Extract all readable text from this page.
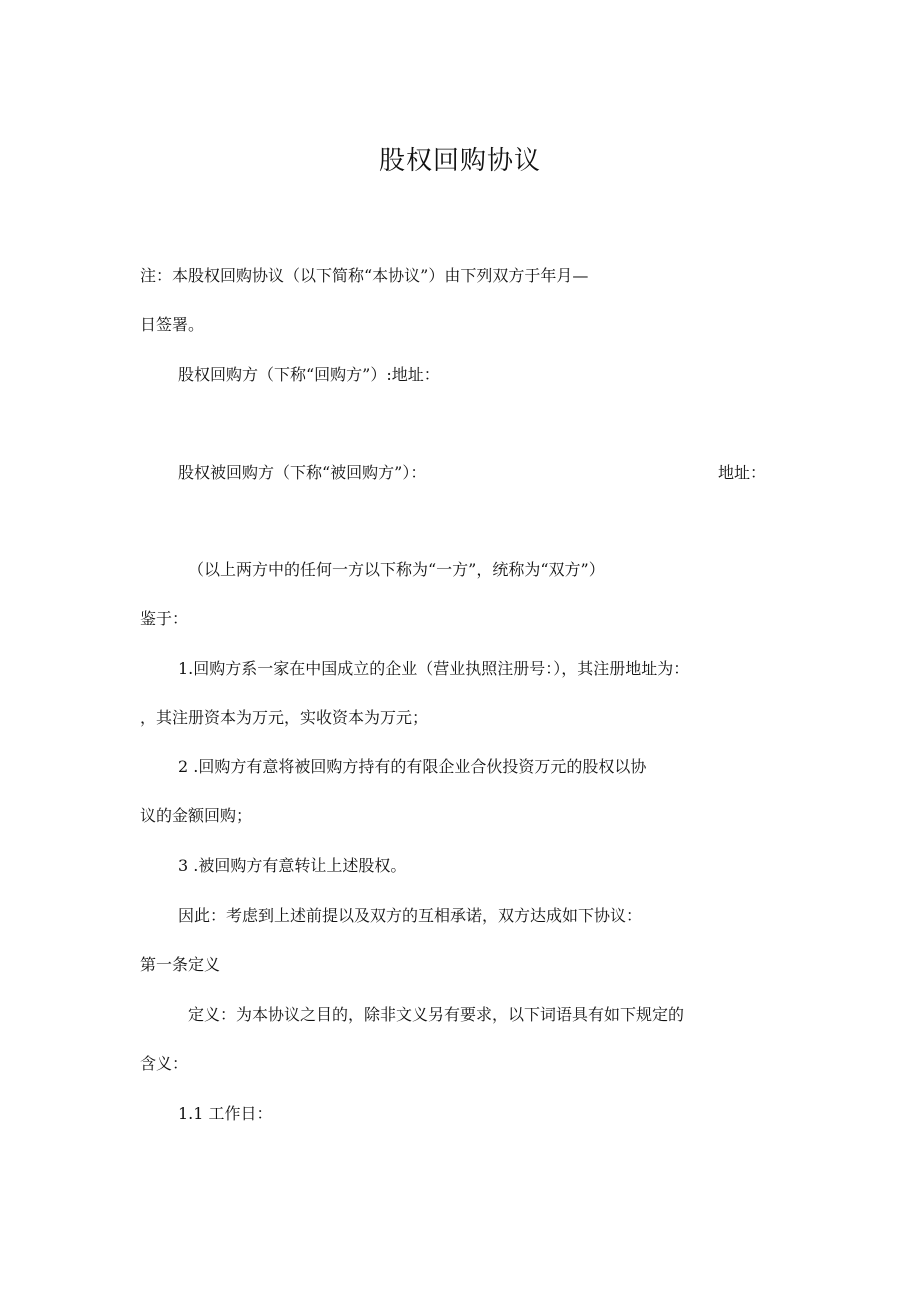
股权回购协议
注：本股权回购协议（以下简称“本协议”）由下列双方于年月—
日签署。
股权回购方（下称“回购方”）:地址：
股权被回购方（下称“被回购方”）：	地址：
（以上两方中的任何一方以下称为“一方”，统称为“双方”）
鉴于：
1.回购方系一家在中国成立的企业（营业执照注册号：），其注册地址为：
，其注册资本为万元，实收资本为万元；
2 .回购方有意将被回购方持有的有限企业合伙投资万元的股权以协
议的金额回购；
3 .被回购方有意转让上述股权。
因此：考虑到上述前提以及双方的互相承诺，双方达成如下协议：
第一条定义
定义：为本协议之目的，除非文义另有要求，以下词语具有如下规定的
含义：
1.1 工作日：
